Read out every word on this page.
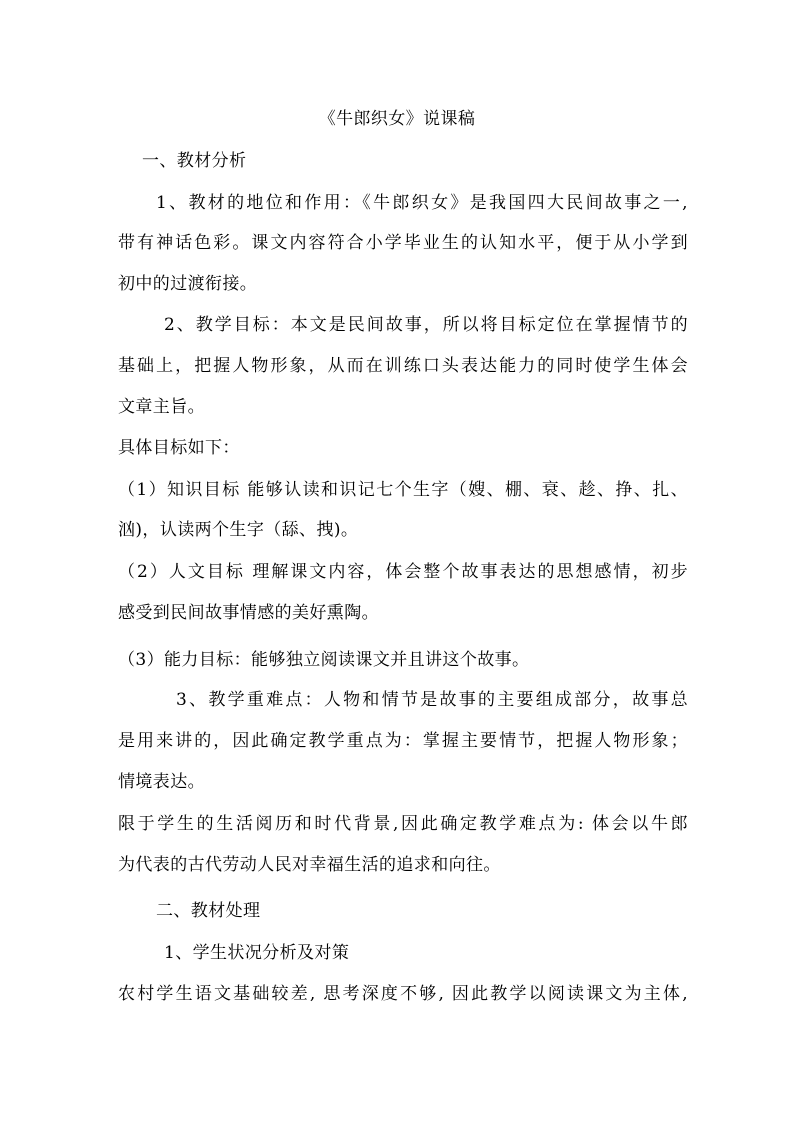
《牛郎织女》说课稿
一、教材分析
1、教材的地位和作用：《牛郎织女》是我国四大民间故事之一,
带有神话色彩。课文内容符合小学毕业生的认知水平，便于从小学到
初中的过渡衔接。
2、教学目标：本文是民间故事，所以将目标定位在掌握情节的
基础上，把握人物形象，从而在训练口头表达能力的同时使学生体会
文章主旨。
具体目标如下：
（1）知识目标 能够认读和识记七个生字（嫂、棚、衰、趁、挣、扎、
汹)，认读两个生字（舔、拽)。
（2）人文目标 理解课文内容，体会整个故事表达的思想感情，初步
感受到民间故事情感的美好熏陶。
（3）能力目标：能够独立阅读课文并且讲这个故事。
3、教学重难点：人物和情节是故事的主要组成部分，故事总
是用来讲的，因此确定教学重点为：掌握主要情节，把握人物形象；
情境表达。
限于学生的生活阅历和时代背景,因此确定教学难点为: 体会以牛郎
为代表的古代劳动人民对幸福生活的追求和向往。
二、教材处理
1、学生状况分析及对策
农村学生语文基础较差, 思考深度不够, 因此教学以阅读课文为主体,
